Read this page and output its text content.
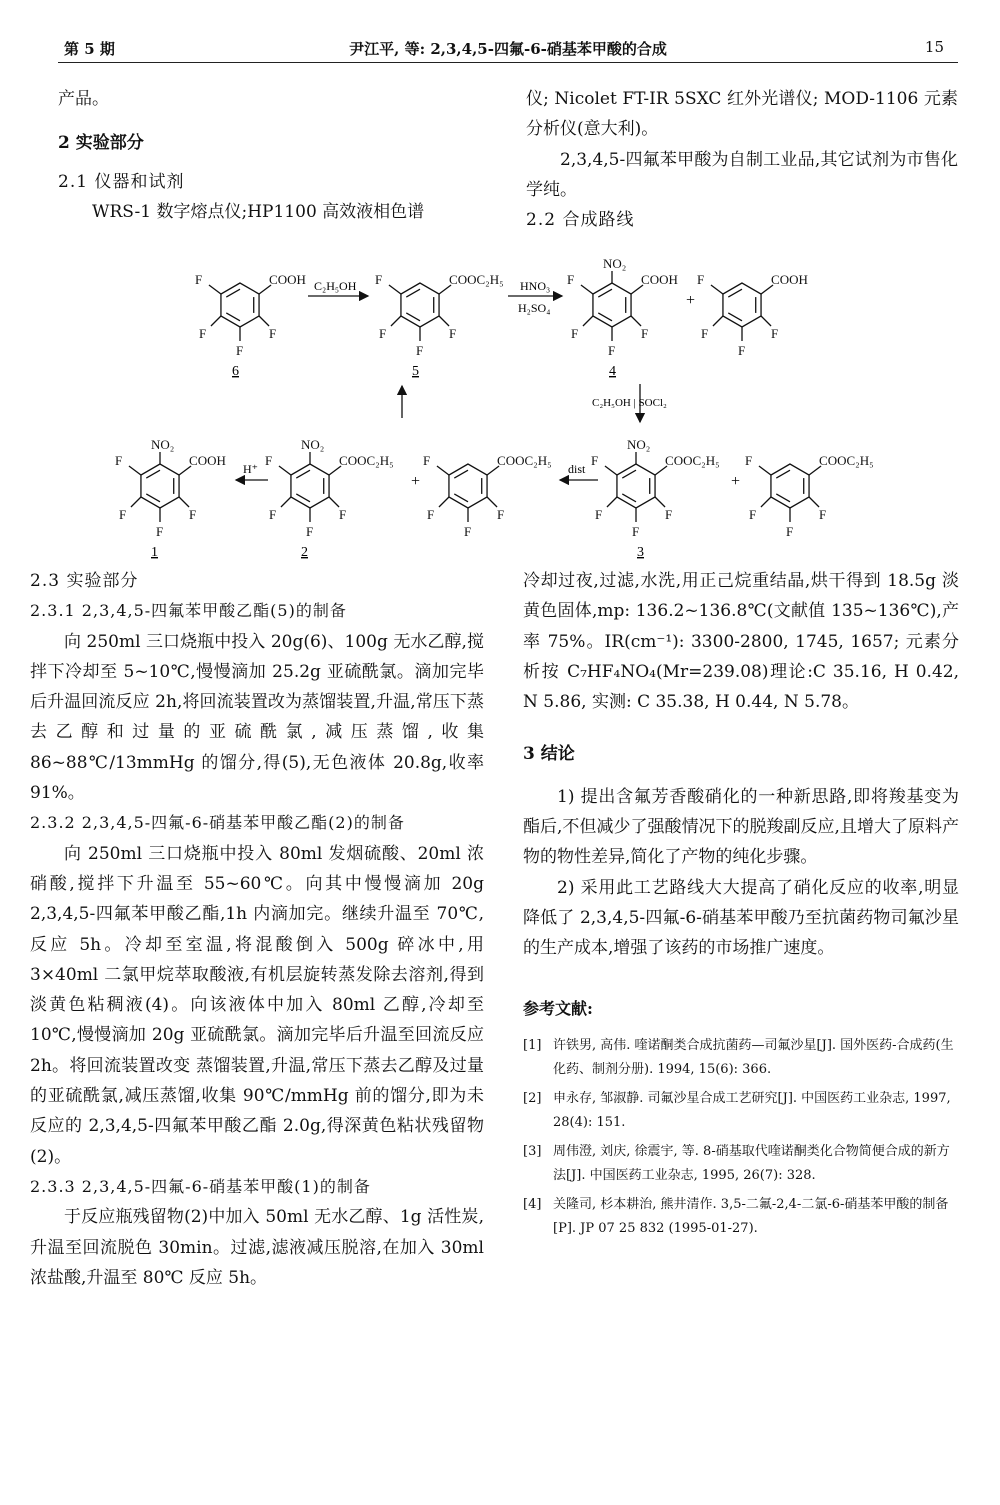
第 5 期	尹江平, 等: 2,3,4,5-四氟-6-硝基苯甲酸的合成	15

产品。

2 实验部分

2.1 仪器和试剂

WRS-1 数字熔点仪;HP1100 高效液相色谱

仪; Nicolet FT-IR 5SXC 红外光谱仪; MOD-1106 元素分析仪(意大利)。

2,3,4,5-四氟苯甲酸为自制工业品,其它试剂为市售化学纯。

2.2 合成路线

F	COOH
F	F
F
F	COOC₂H₅
F	F
F
F	COOH
F	F
F
NO₂
F	COOH
F	F
F
F	COOH
F	F
F
NO₂
F	COOC₂H₅
F	F
F
NO₂
F	COOC₂H₅
F	F
F
F	COOC₂H₅
F	F
F
NO₂
F	COOC₂H₅
F	F
F
C₂H₅OH	HNO₃
H₂SO₄
C₂H₅OH | SOCl₂
dist
H⁺
+
+	+
6	5	4
1	2	3

2.3 实验部分

2.3.1 2,3,4,5-四氟苯甲酸乙酯(5)的制备

向 250ml 三口烧瓶中投入 20g(6)、100g 无水乙醇,搅拌下冷却至 5~10℃,慢慢滴加 25.2g 亚硫酰氯。滴加完毕后升温回流反应 2h,将回流装置改为蒸馏装置,升温,常压下蒸去乙醇和过量的亚硫酰氯,减压蒸馏,收集 86~88℃/13mmHg 的馏分,得(5),无色液体 20.8g,收率 91%。

2.3.2 2,3,4,5-四氟-6-硝基苯甲酸乙酯(2)的制备

向 250ml 三口烧瓶中投入 80ml 发烟硫酸、20ml 浓硝酸,搅拌下升温至 55~60℃。向其中慢慢滴加 20g 2,3,4,5-四氟苯甲酸乙酯,1h 内滴加完。继续升温至 70℃,反应 5h。冷却至室温,将混酸倒入 500g 碎冰中,用 3×40ml 二氯甲烷萃取酸液,有机层旋转蒸发除去溶剂,得到淡黄色粘稠液(4)。向该液体中加入 80ml 乙醇,冷却至 10℃,慢慢滴加 20g 亚硫酰氯。滴加完毕后升温至回流反应 2h。将回流装置改变 蒸馏装置,升温,常压下蒸去乙醇及过量的亚硫酰氯,减压蒸馏,收集 90℃/mmHg 前的馏分,即为未反应的 2,3,4,5-四氟苯甲酸乙酯 2.0g,得深黄色粘状残留物(2)。

2.3.3 2,3,4,5-四氟-6-硝基苯甲酸(1)的制备

于反应瓶残留物(2)中加入 50ml 无水乙醇、1g 活性炭,升温至回流脱色 30min。过滤,滤液减压脱溶,在加入 30ml 浓盐酸,升温至 80℃ 反应 5h。

冷却过夜,过滤,水洗,用正己烷重结晶,烘干得到 18.5g 淡黄色固体,mp: 136.2~136.8℃(文献值 135~136℃),产率 75%。IR(cm⁻¹): 3300-2800, 1745, 1657; 元素分析按 C₇HF₄NO₄(Mr=239.08)理论:C 35.16, H 0.42, N 5.86, 实测: C 35.38, H 0.44, N 5.78。

3 结论

1) 提出含氟芳香酸硝化的一种新思路,即将羧基变为酯后,不但减少了强酸情况下的脱羧副反应,且增大了原料产物的物性差异,简化了产物的纯化步骤。

2) 采用此工艺路线大大提高了硝化反应的收率,明显降低了 2,3,4,5-四氟-6-硝基苯甲酸乃至抗菌药物司氟沙星的生产成本,增强了该药的市场推广速度。

参考文献:

[1] 许铁男, 高伟. 喹诺酮类合成抗菌药—司氟沙星[J]. 国外医药-合成药(生化药、制剂分册). 1994, 15(6): 366.
[2] 申永存, 邹淑静. 司氟沙星合成工艺研究[J]. 中国医药工业杂志, 1997, 28(4): 151.
[3] 周伟澄, 刘庆, 徐震宇, 等. 8-硝基取代喹诺酮类化合物简便合成的新方法[J]. 中国医药工业杂志, 1995, 26(7): 328.
[4] 关隆司, 杉本耕治, 熊井清作. 3,5-二氟-2,4-二氯-6-硝基苯甲酸的制备[P]. JP 07 25 832 (1995-01-27).
